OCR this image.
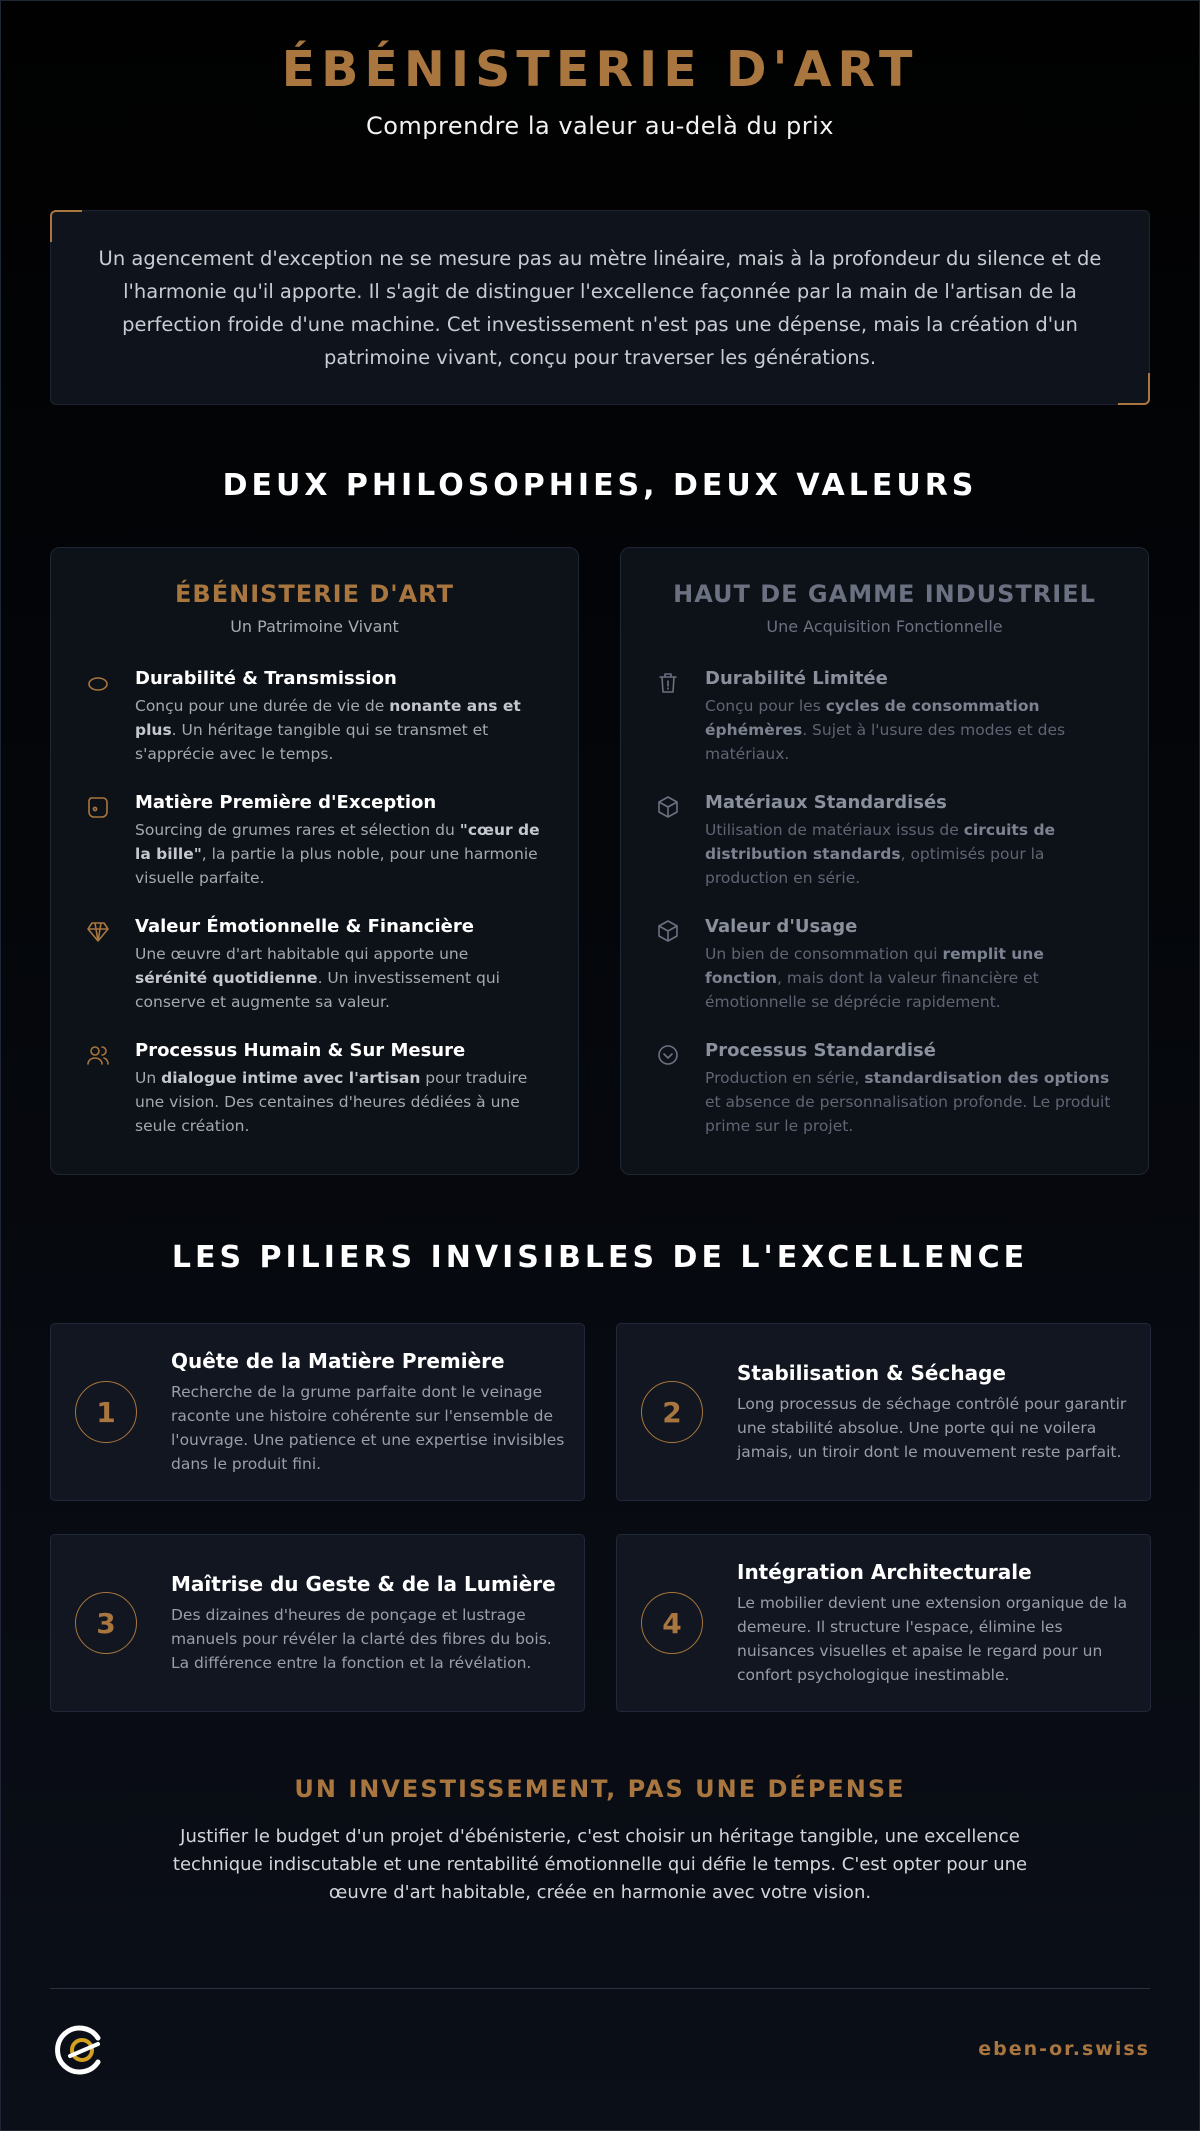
ÉBÉNISTERIE D'ART
Comprendre la valeur au-delà du prix

Un agencement d'exception ne se mesure pas au mètre linéaire, mais à la profondeur du silence et de l'harmonie qu'il apporte. Il s'agit de distinguer l'excellence façonnée par la main de l'artisan de la perfection froide d'une machine. Cet investissement n'est pas une dépense, mais la création d'un patrimoine vivant, conçu pour traverser les générations.

DEUX PHILOSOPHIES, DEUX VALEURS
ÉBÉNISTERIE D'ART
Un Patrimoine Vivant
Durabilité & Transmission
Conçu pour une durée de vie de nonante ans et plus. Un héritage tangible qui se transmet et s'apprécie avec le temps.
Matière Première d'Exception
Sourcing de grumes rares et sélection du "cœur de la bille", la partie la plus noble, pour une harmonie visuelle parfaite.
Valeur Émotionnelle & Financière
Une œuvre d'art habitable qui apporte une sérénité quotidienne. Un investissement qui conserve et augmente sa valeur.
Processus Humain & Sur Mesure
Un dialogue intime avec l'artisan pour traduire une vision. Des centaines d'heures dédiées à une seule création.
HAUT DE GAMME INDUSTRIEL
Une Acquisition Fonctionnelle
Durabilité Limitée
Conçu pour les cycles de consommation éphémères. Sujet à l'usure des modes et des matériaux.
Matériaux Standardisés
Utilisation de matériaux issus de circuits de distribution standards, optimisés pour la production en série.
Valeur d'Usage
Un bien de consommation qui remplit une fonction, mais dont la valeur financière et émotionnelle se déprécie rapidement.
Processus Standardisé
Production en série, standardisation des options et absence de personnalisation profonde. Le produit prime sur le projet.
LES PILIERS INVISIBLES DE L'EXCELLENCE
1
Quête de la Matière Première
Recherche de la grume parfaite dont le veinage raconte une histoire cohérente sur l'ensemble de l'ouvrage. Une patience et une expertise invisibles dans le produit fini.
2
Stabilisation & Séchage
Long processus de séchage contrôlé pour garantir une stabilité absolue. Une porte qui ne voilera jamais, un tiroir dont le mouvement reste parfait.
3
Maîtrise du Geste & de la Lumière
Des dizaines d'heures de ponçage et lustrage manuels pour révéler la clarté des fibres du bois. La différence entre la fonction et la révélation.
4
Intégration Architecturale
Le mobilier devient une extension organique de la demeure. Il structure l'espace, élimine les nuisances visuelles et apaise le regard pour un confort psychologique inestimable.
UN INVESTISSEMENT, PAS UNE DÉPENSE

Justifier le budget d'un projet d'ébénisterie, c'est choisir un héritage tangible, une excellence technique indiscutable et une rentabilité émotionnelle qui défie le temps. C'est opter pour une œuvre d'art habitable, créée en harmonie avec votre vision.

eben-or.swiss
